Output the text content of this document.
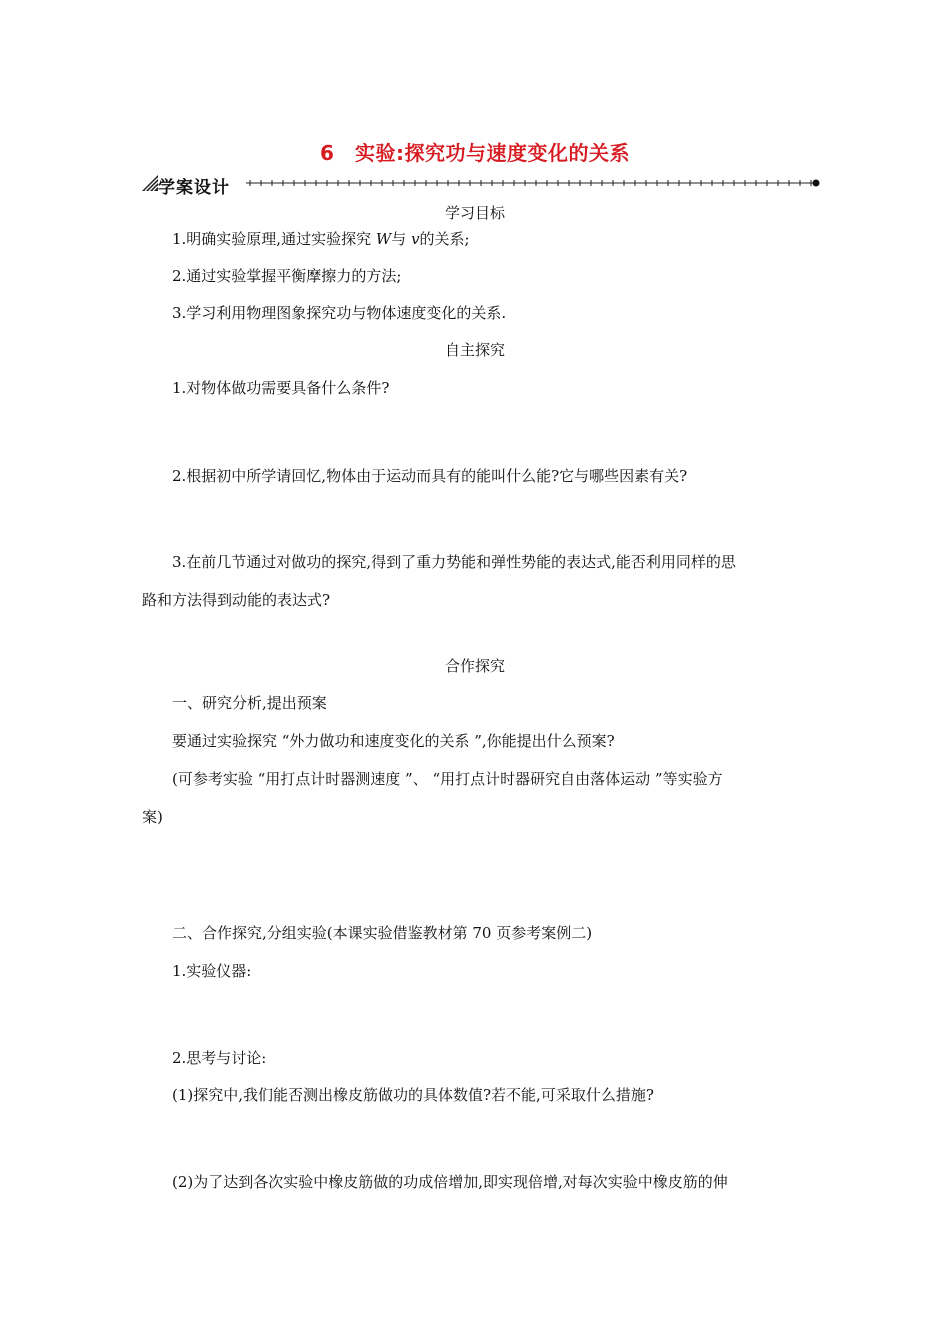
6　实验:探究功与速度变化的关系
学案设计
学习目标
1.明确实验原理,通过实验探究 W与 v的关系;
2.通过实验掌握平衡摩擦力的方法;
3.学习利用物理图象探究功与物体速度变化的关系.
自主探究
1.对物体做功需要具备什么条件?
2.根据初中所学请回忆,物体由于运动而具有的能叫什么能?它与哪些因素有关?
3.在前几节通过对做功的探究,得到了重力势能和弹性势能的表达式,能否利用同样的思
路和方法得到动能的表达式?
合作探究
一、研究分析,提出预案
要通过实验探究 “外力做功和速度变化的关系 ”,你能提出什么预案?
(可参考实验 “用打点计时器测速度 ”、 “用打点计时器研究自由落体运动 ”等实验方
案)
二、合作探究,分组实验(本课实验借鉴教材第 70 页参考案例二)
1.实验仪器:
2.思考与讨论:
(1)探究中,我们能否测出橡皮筋做功的具体数值?若不能,可采取什么措施?
(2)为了达到各次实验中橡皮筋做的功成倍增加,即实现倍增,对每次实验中橡皮筋的伸
